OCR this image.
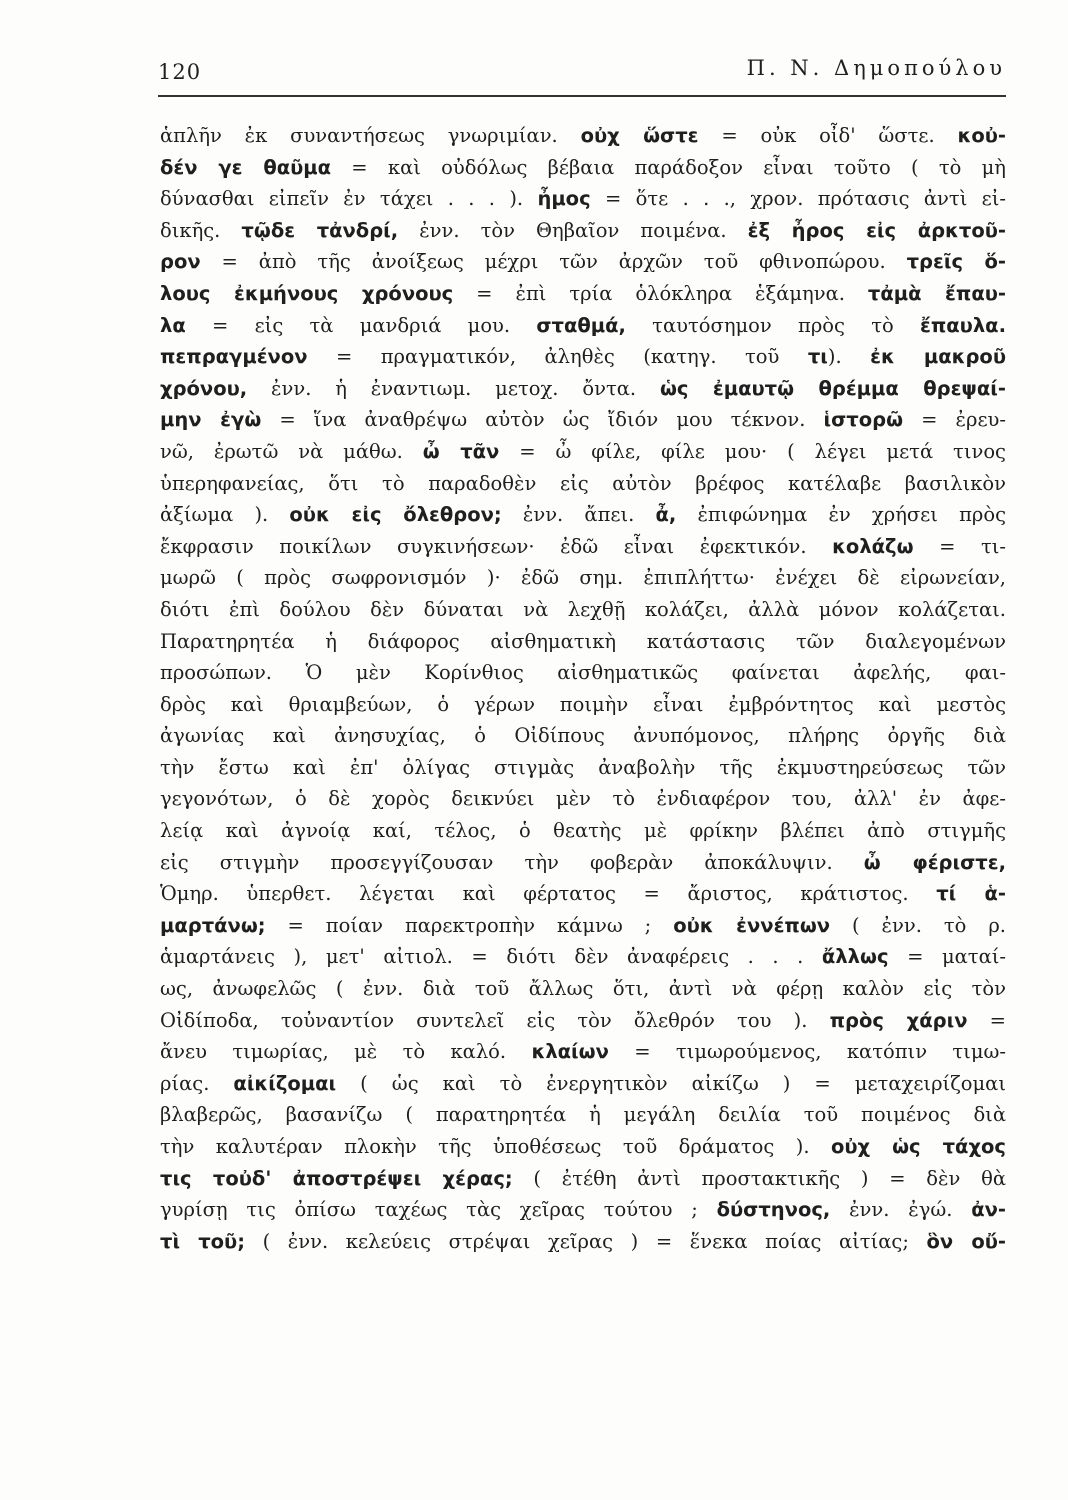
120	Π. Ν. Δημοπούλου
ἁπλῆν ἐκ συναντήσεως γνωριμίαν. οὐχ ὥστε = οὐκ οἶδ' ὥστε. κοὐ-
δέν γε θαῦμα = καὶ οὐδόλως βέβαια παράδοξον εἶναι τοῦτο ( τὸ μὴ
δύνασθαι εἰπεῖν ἐν τάχει . . . ). ἦμος = ὅτε . . ., χρον. πρότασις ἀντὶ εἰ-
δικῆς. τῷδε τἀνδρί, ἐνν. τὸν Θηβαῖον ποιμένα. ἐξ ἦρος εἰς ἀρκτοῦ-
ρον = ἀπὸ τῆς ἀνοίξεως μέχρι τῶν ἀρχῶν τοῦ φθινοπώρου. τρεῖς ὅ-
λους ἐκμήνους χρόνους = ἐπὶ τρία ὁλόκληρα ἑξάμηνα. τἀμὰ ἔπαυ-
λα = εἰς τὰ μανδριά μου. σταθμά, ταυτόσημον πρὸς τὸ ἔπαυλα.
πεπραγμένον = πραγματικόν, ἀληθὲς (κατηγ. τοῦ τι). ἐκ μακροῦ
χρόνου, ἐνν. ἡ ἐναντιωμ. μετοχ. ὄντα. ὡς ἐμαυτῷ θρέμμα θρεψαί-
μην ἐγὼ = ἵνα ἀναθρέψω αὐτὸν ὡς ἴδιόν μου τέκνον. ἱστορῶ = ἐρευ-
νῶ, ἐρωτῶ νὰ μάθω. ὦ τᾶν = ὦ φίλε, φίλε μου· ( λέγει μετά τινος
ὑπερηφανείας, ὅτι τὸ παραδοθὲν εἰς αὐτὸν βρέφος κατέλαβε βασιλικὸν
ἀξίωμα ). οὐκ εἰς ὄλεθρον; ἐνν. ἄπει. ἆ, ἐπιφώνημα ἐν χρήσει πρὸς
ἔκφρασιν ποικίλων συγκινήσεων· ἐδῶ εἶναι ἐφεκτικόν. κολάζω = τι-
μωρῶ ( πρὸς σωφρονισμόν )· ἐδῶ σημ. ἐπιπλήττω· ἐνέχει δὲ εἰρωνείαν,
διότι ἐπὶ δούλου δὲν δύναται νὰ λεχθῇ κολάζει, ἀλλὰ μόνον κολάζεται.
Παρατηρητέα ἡ διάφορος αἰσθηματικὴ κατάστασις τῶν διαλεγομένων
προσώπων. Ὁ μὲν Κορίνθιος αἰσθηματικῶς φαίνεται ἀφελής, φαι-
δρὸς καὶ θριαμβεύων, ὁ γέρων ποιμὴν εἶναι ἐμβρόντητος καὶ μεστὸς
ἀγωνίας καὶ ἀνησυχίας, ὁ Οἰδίπους ἀνυπόμονος, πλήρης ὀργῆς διὰ
τὴν ἔστω καὶ ἐπ' ὀλίγας στιγμὰς ἀναβολὴν τῆς ἐκμυστηρεύσεως τῶν
γεγονότων, ὁ δὲ χορὸς δεικνύει μὲν τὸ ἐνδιαφέρον του, ἀλλ' ἐν ἀφε-
λείᾳ καὶ ἀγνοίᾳ καί, τέλος, ὁ θεατὴς μὲ φρίκην βλέπει ἀπὸ στιγμῆς
εἰς στιγμὴν προσεγγίζουσαν τὴν φοβερὰν ἀποκάλυψιν. ὦ φέριστε,
Ὁμηρ. ὑπερθετ. λέγεται καὶ φέρτατος = ἄριστος, κράτιστος. τί ἁ-
μαρτάνω; = ποίαν παρεκτροπὴν κάμνω ; οὐκ ἐννέπων ( ἐνν. τὸ ρ.
ἁμαρτάνεις ), μετ' αἰτιολ. = διότι δὲν ἀναφέρεις . . . ἄλλως = ματαί-
ως, ἀνωφελῶς ( ἐνν. διὰ τοῦ ἄλλως ὅτι, ἀντὶ νὰ φέρῃ καλὸν εἰς τὸν
Οἰδίποδα, τοὐναντίον συντελεῖ εἰς τὸν ὄλεθρόν του ). πρὸς χάριν =
ἄνευ τιμωρίας, μὲ τὸ καλό. κλαίων = τιμωρούμενος, κατόπιν τιμω-
ρίας. αἰκίζομαι ( ὡς καὶ τὸ ἐνεργητικὸν αἰκίζω ) = μεταχειρίζομαι
βλαβερῶς, βασανίζω ( παρατηρητέα ἡ μεγάλη δειλία τοῦ ποιμένος διὰ
τὴν καλυτέραν πλοκὴν τῆς ὑποθέσεως τοῦ δράματος ). οὐχ ὡς τάχος
τις τοὐδ' ἀποστρέψει χέρας; ( ἐτέθη ἀντὶ προστακτικῆς ) = δὲν θὰ
γυρίσῃ τις ὀπίσω ταχέως τὰς χεῖρας τούτου ; δύστηνος, ἐνν. ἐγώ. ἀν-
τὶ τοῦ; ( ἐνν. κελεύεις στρέψαι χεῖρας ) = ἕνεκα ποίας αἰτίας; ὃν οὔ-
